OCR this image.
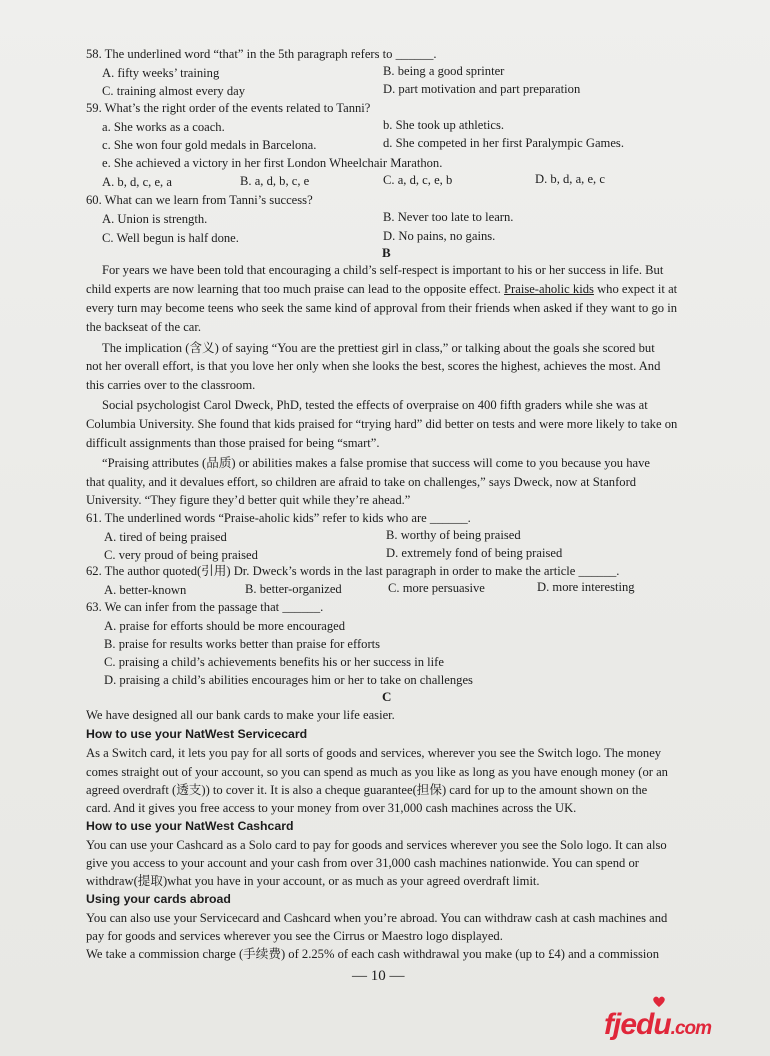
58. The underlined word “that” in the 5th paragraph refers to ______.
A. fifty weeks’ training	B. being a good sprinter
C. training almost every day	D. part motivation and part preparation
59. What’s the right order of the events related to Tanni?
a. She works as a coach.	b. She took up athletics.
c. She won four gold medals in Barcelona.	d. She competed in her first Paralympic Games.
e. She achieved a victory in her first London Wheelchair Marathon.
A. b, d, c, e, a	B. a, d, b, c, e	C. a, d, c, e, b	D. b, d, a, e, c
60. What can we learn from Tanni’s success?
A. Union is strength.	B. Never too late to learn.
C. Well begun is half done.	D. No pains, no gains.
B
For years we have been told that encouraging a child’s self-respect is important to his or her success in life. But
child experts are now learning that too much praise can lead to the opposite effect. Praise-aholic kids who expect it at
every turn may become teens who seek the same kind of approval from their friends when asked if they want to go in
the backseat of the car.
The implication (含义) of saying “You are the prettiest girl in class,” or talking about the goals she scored but
not her overall effort, is that you love her only when she looks the best, scores the highest, achieves the most. And
this carries over to the classroom.
Social psychologist Carol Dweck, PhD, tested the effects of overpraise on 400 fifth graders while she was at
Columbia University. She found that kids praised for “trying hard” did better on tests and were more likely to take on
difficult assignments than those praised for being “smart”.
“Praising attributes (品质) or abilities makes a false promise that success will come to you because you have
that quality, and it devalues effort, so children are afraid to take on challenges,” says Dweck, now at Stanford
University. “They figure they’d better quit while they’re ahead.”
61. The underlined words “Praise-aholic kids” refer to kids who are ______.
A. tired of being praised	B. worthy of being praised
C. very proud of being praised	D. extremely fond of being praised
62. The author quoted(引用) Dr. Dweck’s words in the last paragraph in order to make the article ______.
A. better-known	B. better-organized	C. more persuasive	D. more interesting
63. We can infer from the passage that ______.
A. praise for efforts should be more encouraged
B. praise for results works better than praise for efforts
C. praising a child’s achievements benefits his or her success in life
D. praising a child’s abilities encourages him or her to take on challenges
C
We have designed all our bank cards to make your life easier.
How to use your NatWest Servicecard
As a Switch card, it lets you pay for all sorts of goods and services, wherever you see the Switch logo. The money
comes straight out of your account, so you can spend as much as you like as long as you have enough money (or an
agreed overdraft (透支)) to cover it. It is also a cheque guarantee(担保) card for up to the amount shown on the
card. And it gives you free access to your money from over 31,000 cash machines across the UK.
How to use your NatWest Cashcard
You can use your Cashcard as a Solo card to pay for goods and services wherever you see the Solo logo. It can also
give you access to your account and your cash from over 31,000 cash machines nationwide. You can spend or
withdraw(提取)what you have in your account, or as much as your agreed overdraft limit.
Using your cards abroad
You can also use your Servicecard and Cashcard when you’re abroad. You can withdraw cash at cash machines and
pay for goods and services wherever you see the Cirrus or Maestro logo displayed.
We take a commission charge (手续费) of 2.25% of each cash withdrawal you make (up to £4) and a commission
— 10 —
fjedu.com
